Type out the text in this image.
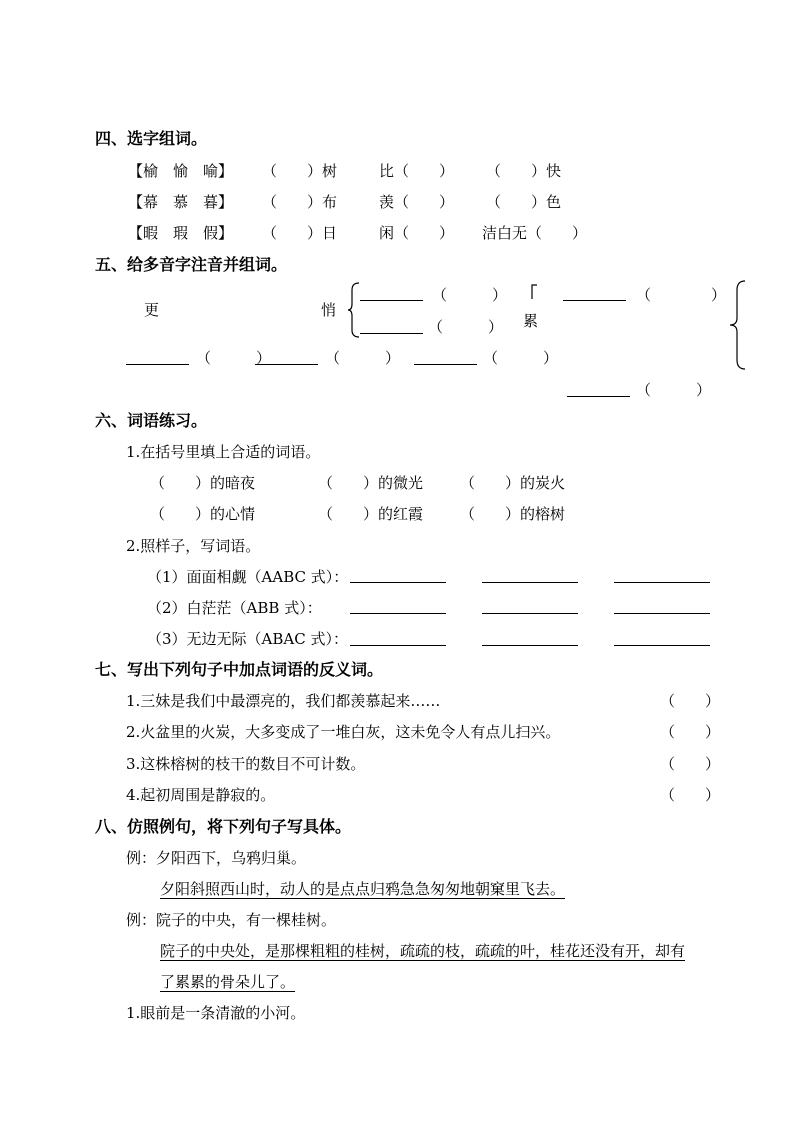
四、选字组词。
【榆　愉　喻】 （　　）树	比（　　） （　　）快
【幕　慕　暮】 （　　）布	羡（　　） （　　）色
【暇　瑕　假】 （　　）日	闲（　　） 洁白无（　　）
五、给多音字注音并组词。
更	悄
累
（　　　）
（　　　）
（　　　　）
（　　　）	（　　　）	（　　　）
（　　　）
六、词语练习。
1.在括号里填上合适的词语。
（　　）的暗夜	（　　）的微光 （　　）的炭火
（　　）的心情	（　　）的红霞 （　　）的榕树
2.照样子，写词语。
（1）面面相觑（AABC 式）：
（2）白茫茫（ABB 式）：
（3）无边无际（ABAC 式）：
七、写出下列句子中加点词语的反义词。
1.三妹是我们中最漂亮的，我们都羡慕起来……	（　　）
2.火盆里的火炭，大多变成了一堆白灰，这未免令人有点儿扫兴。	（　　）
3.这株榕树的枝干的数目不可计数。	（　　）
4.起初周围是静寂的。	（　　）
八、仿照例句，将下列句子写具体。
例：夕阳西下，乌鸦归巢。
夕阳斜照西山时，动人的是点点归鸦急急匆匆地朝窠里飞去。
例：院子的中央，有一棵桂树。
院子的中央处，是那棵粗粗的桂树，疏疏的枝，疏疏的叶，桂花还没有开，却有
了累累的骨朵儿了。
1.眼前是一条清澈的小河。
